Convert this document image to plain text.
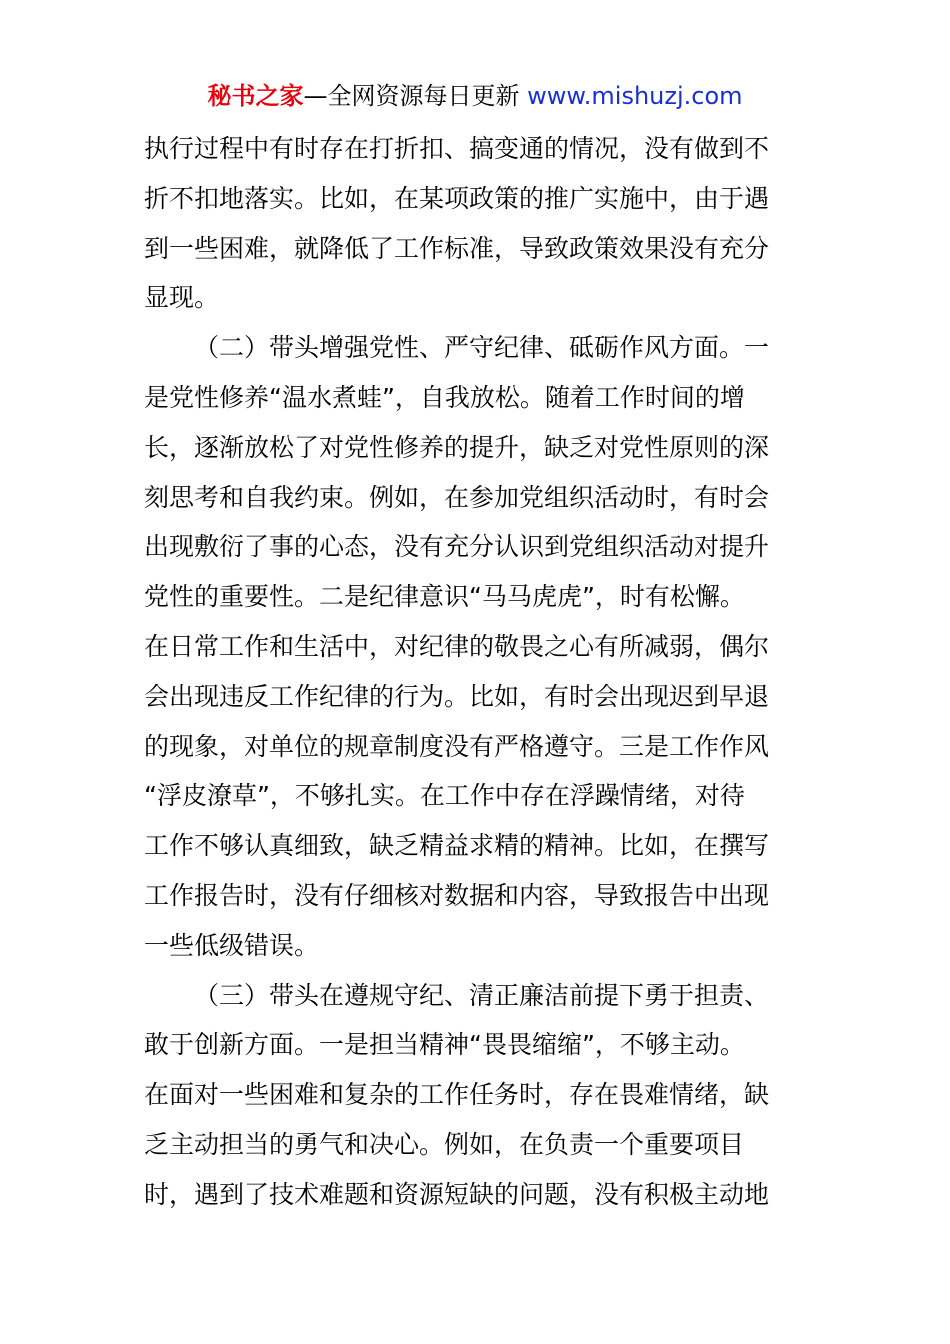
秘书之家—全网资源每日更新 www.mishuzj.com
执行过程中有时存在打折扣、搞变通的情况，没有做到不
折不扣地落实。比如，在某项政策的推广实施中，由于遇
到一些困难，就降低了工作标准，导致政策效果没有充分
显现。
（二）带头增强党性、严守纪律、砥砺作风方面。一
是党性修养“温水煮蛙”，自我放松。随着工作时间的增
长，逐渐放松了对党性修养的提升，缺乏对党性原则的深
刻思考和自我约束。例如，在参加党组织活动时，有时会
出现敷衍了事的心态，没有充分认识到党组织活动对提升
党性的重要性。二是纪律意识“马马虎虎”，时有松懈。
在日常工作和生活中，对纪律的敬畏之心有所减弱，偶尔
会出现违反工作纪律的行为。比如，有时会出现迟到早退
的现象，对单位的规章制度没有严格遵守。三是工作作风
“浮皮潦草”，不够扎实。在工作中存在浮躁情绪，对待
工作不够认真细致，缺乏精益求精的精神。比如，在撰写
工作报告时，没有仔细核对数据和内容，导致报告中出现
一些低级错误。
（三）带头在遵规守纪、清正廉洁前提下勇于担责、
敢于创新方面。一是担当精神“畏畏缩缩”，不够主动。
在面对一些困难和复杂的工作任务时，存在畏难情绪，缺
乏主动担当的勇气和决心。例如，在负责一个重要项目
时，遇到了技术难题和资源短缺的问题，没有积极主动地
